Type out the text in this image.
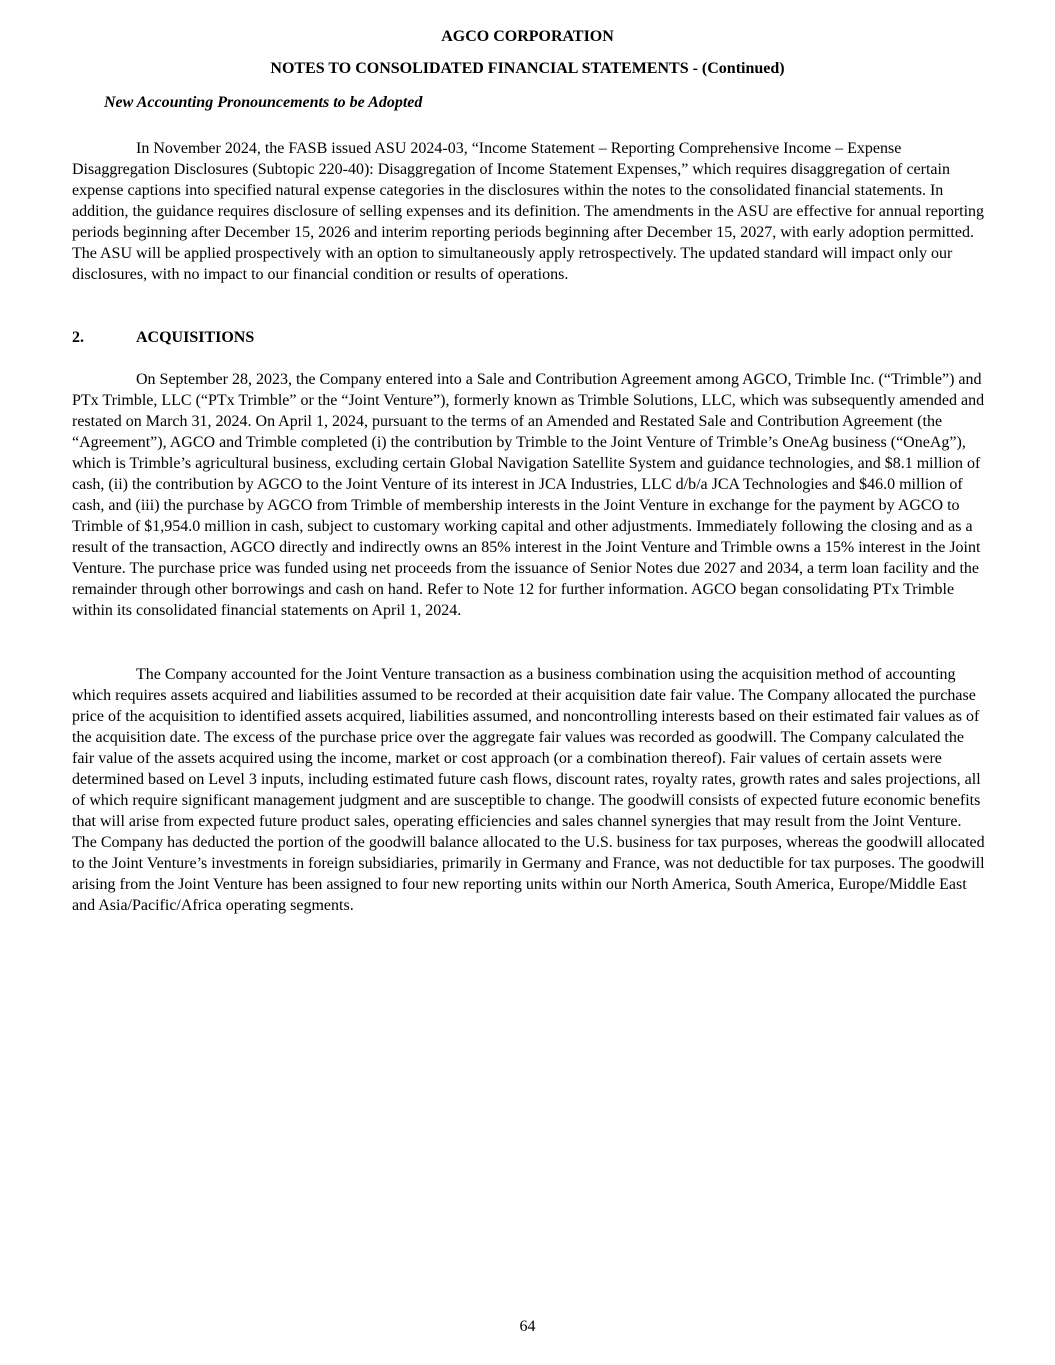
AGCO CORPORATION
NOTES TO CONSOLIDATED FINANCIAL STATEMENTS - (Continued)
New Accounting Pronouncements to be Adopted

In November 2024, the FASB issued ASU 2024-03, “Income Statement – Reporting Comprehensive Income – Expense Disaggregation Disclosures (Subtopic 220-40): Disaggregation of Income Statement Expenses,” which requires disaggregation of certain expense captions into specified natural expense categories in the disclosures within the notes to the consolidated financial statements. In addition, the guidance requires disclosure of selling expenses and its definition. The amendments in the ASU are effective for annual reporting periods beginning after December 15, 2026 and interim reporting periods beginning after December 15, 2027, with early adoption permitted. The ASU will be applied prospectively with an option to simultaneously apply retrospectively. The updated standard will impact only our disclosures, with no impact to our financial condition or results of operations.

2.	ACQUISITIONS

On September 28, 2023, the Company entered into a Sale and Contribution Agreement among AGCO, Trimble Inc. (“Trimble”) and PTx Trimble, LLC (“PTx Trimble” or the “Joint Venture”), formerly known as Trimble Solutions, LLC, which was subsequently amended and restated on March 31, 2024. On April 1, 2024, pursuant to the terms of an Amended and Restated Sale and Contribution Agreement (the “Agreement”), AGCO and Trimble completed (i) the contribution by Trimble to the Joint Venture of Trimble’s OneAg business (“OneAg”), which is Trimble’s agricultural business, excluding certain Global Navigation Satellite System and guidance technologies, and $8.1 million of cash, (ii) the contribution by AGCO to the Joint Venture of its interest in JCA Industries, LLC d/b/a JCA Technologies and $46.0 million of cash, and (iii) the purchase by AGCO from Trimble of membership interests in the Joint Venture in exchange for the payment by AGCO to Trimble of $1,954.0 million in cash, subject to customary working capital and other adjustments. Immediately following the closing and as a result of the transaction, AGCO directly and indirectly owns an 85% interest in the Joint Venture and Trimble owns a 15% interest in the Joint Venture. The purchase price was funded using net proceeds from the issuance of Senior Notes due 2027 and 2034, a term loan facility and the remainder through other borrowings and cash on hand. Refer to Note 12 for further information. AGCO began consolidating PTx Trimble within its consolidated financial statements on April 1, 2024.

The Company accounted for the Joint Venture transaction as a business combination using the acquisition method of accounting which requires assets acquired and liabilities assumed to be recorded at their acquisition date fair value. The Company allocated the purchase price of the acquisition to identified assets acquired, liabilities assumed, and noncontrolling interests based on their estimated fair values as of the acquisition date. The excess of the purchase price over the aggregate fair values was recorded as goodwill. The Company calculated the fair value of the assets acquired using the income, market or cost approach (or a combination thereof). Fair values of certain assets were determined based on Level 3 inputs, including estimated future cash flows, discount rates, royalty rates, growth rates and sales projections, all of which require significant management judgment and are susceptible to change. The goodwill consists of expected future economic benefits that will arise from expected future product sales, operating efficiencies and sales channel synergies that may result from the Joint Venture. The Company has deducted the portion of the goodwill balance allocated to the U.S. business for tax purposes, whereas the goodwill allocated to the Joint Venture’s investments in foreign subsidiaries, primarily in Germany and France, was not deductible for tax purposes. The goodwill arising from the Joint Venture has been assigned to four new reporting units within our North America, South America, Europe/Middle East and Asia/Pacific/Africa operating segments.

64
